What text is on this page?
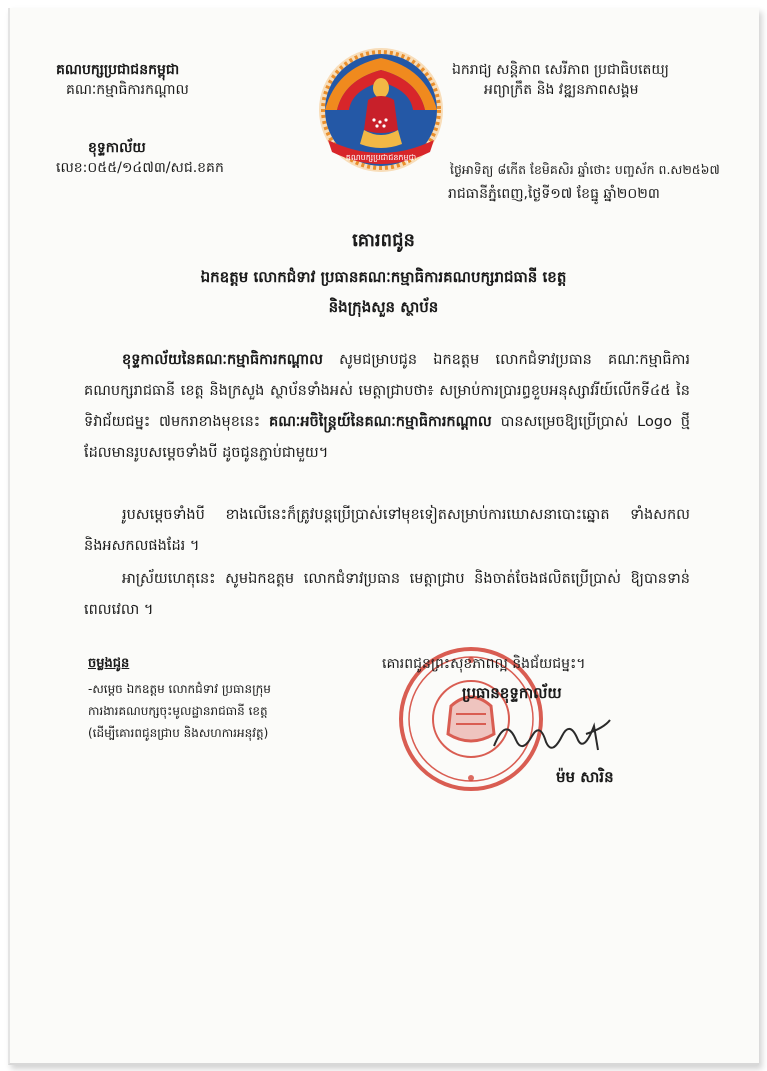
គណបក្សប្រជាជនកម្ពុជា
គណៈកម្មាធិការកណ្ដាល
ឯករាជ្យ សន្តិភាព សេរីភាព ប្រជាធិបតេយ្យ
អព្យាក្រឹត និង វឌ្ឍនភាពសង្គម
គណបក្សប្រជាជនកម្ពុជា
ខុទ្ទកាល័យ
លេខ:០៥៥/១៤៧៣/សជ.ខគក	ថ្ងៃអាទិត្យ ៨កើត ខែមិគសិរ ឆ្នាំថោះ បញ្ចស័ក ព.ស២៥៦៧
រាជធានីភ្នំពេញ,ថ្ងៃទី១៧ ខែធ្នូ ឆ្នាំ២០២៣
គោរពជូន
ឯកឧត្តម លោកជំទាវ ប្រធានគណៈកម្មាធិការគណបក្សរាជធានី ខេត្ត
និងក្រុងសួន ស្ថាប័ន
ខុទ្ទកាល័យនៃគណៈកម្មាធិការកណ្ដាល សូមជម្រាបជូន ឯកឧត្តម លោកជំទាវប្រធាន គណៈកម្មាធិការគណបក្សរាជធានី ខេត្ត និងក្រសួង ស្ថាប័នទាំងអស់ មេត្តាជ្រាបថា៖ សម្រាប់ការប្រារព្ធខួបអនុស្សាវរីយ៍លើកទី៤៥ នៃទិវាជ័យជម្នះ ៧មករាខាងមុខនេះ គណៈអចិន្ត្រៃយ៍នៃគណៈកម្មាធិការកណ្ដាល បានសម្រេចឱ្យប្រើប្រាស់ Logo ថ្មីដែលមានរូបសម្ដេចទាំងបី ដូចជូនភ្ជាប់ជាមួយ។
រូបសម្ដេចទាំងបី ខាងលើនេះក៏ត្រូវបន្តប្រើប្រាស់ទៅមុខទៀតសម្រាប់ការឃោសនាបោះឆ្នោត ទាំងសកល និងអសកលផងដែរ ។
អាស្រ័យហេតុនេះ សូមឯកឧត្តម លោកជំទាវប្រធាន មេត្តាជ្រាប និងចាត់ចែងផលិតប្រើប្រាស់ ឱ្យបានទាន់ពេលវេលា ។
ចម្លងជូន
-សម្ដេច ឯកឧត្តម លោកជំទាវ ប្រធានក្រុម
ការងារគណបក្សចុះមូលដ្ឋានរាជធានី ខេត្ត
(ដើម្បីគោរពជូនជ្រាប និងសហការអនុវត្ត)
គោរពជូនព្រះសុខភាពល្អ និងជ័យជម្នះ។
ប្រធានខុទ្ទកាល័យ
ម៉ម សារិន
